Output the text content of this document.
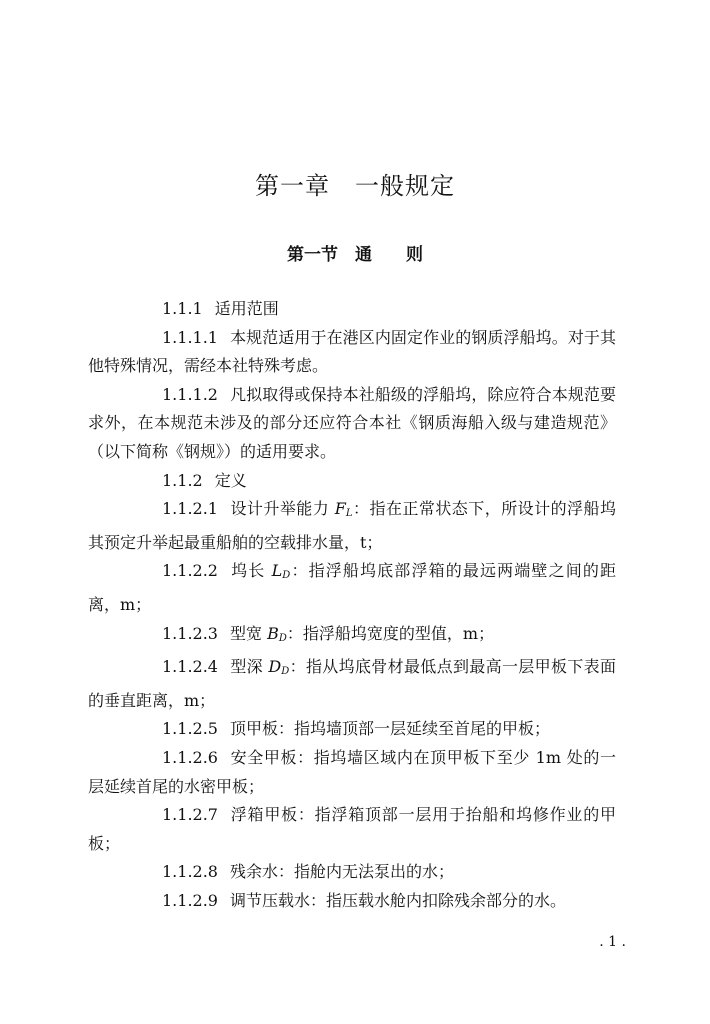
第一章　一般规定
第一节　通　　则

1.1.1 适用范围

1.1.1.1 本规范适用于在港区内固定作业的钢质浮船坞。对于其他特殊情况，需经本社特殊考虑。

1.1.1.2 凡拟取得或保持本社船级的浮船坞，除应符合本规范要求外，在本规范未涉及的部分还应符合本社《钢质海船入级与建造规范》（以下简称《钢规》）的适用要求。

1.1.2 定义

1.1.2.1 设计升举能力 $F_L$：指在正常状态下，所设计的浮船坞其预定升举起最重船舶的空载排水量，t；

1.1.2.2 坞长 $L_D$：指浮船坞底部浮箱的最远两端壁之间的距离，m；

1.1.2.3 型宽 $B_D$：指浮船坞宽度的型值，m；

1.1.2.4 型深 $D_D$：指从坞底骨材最低点到最高一层甲板下表面的垂直距离，m；

1.1.2.5 顶甲板：指坞墙顶部一层延续至首尾的甲板；

1.1.2.6 安全甲板：指坞墙区域内在顶甲板下至少 1m 处的一层延续首尾的水密甲板；

1.1.2.7 浮箱甲板：指浮箱顶部一层用于抬船和坞修作业的甲板；

1.1.2.8 残余水：指舱内无法泵出的水；

1.1.2.9 调节压载水：指压载水舱内扣除残余部分的水。

. 1 .
